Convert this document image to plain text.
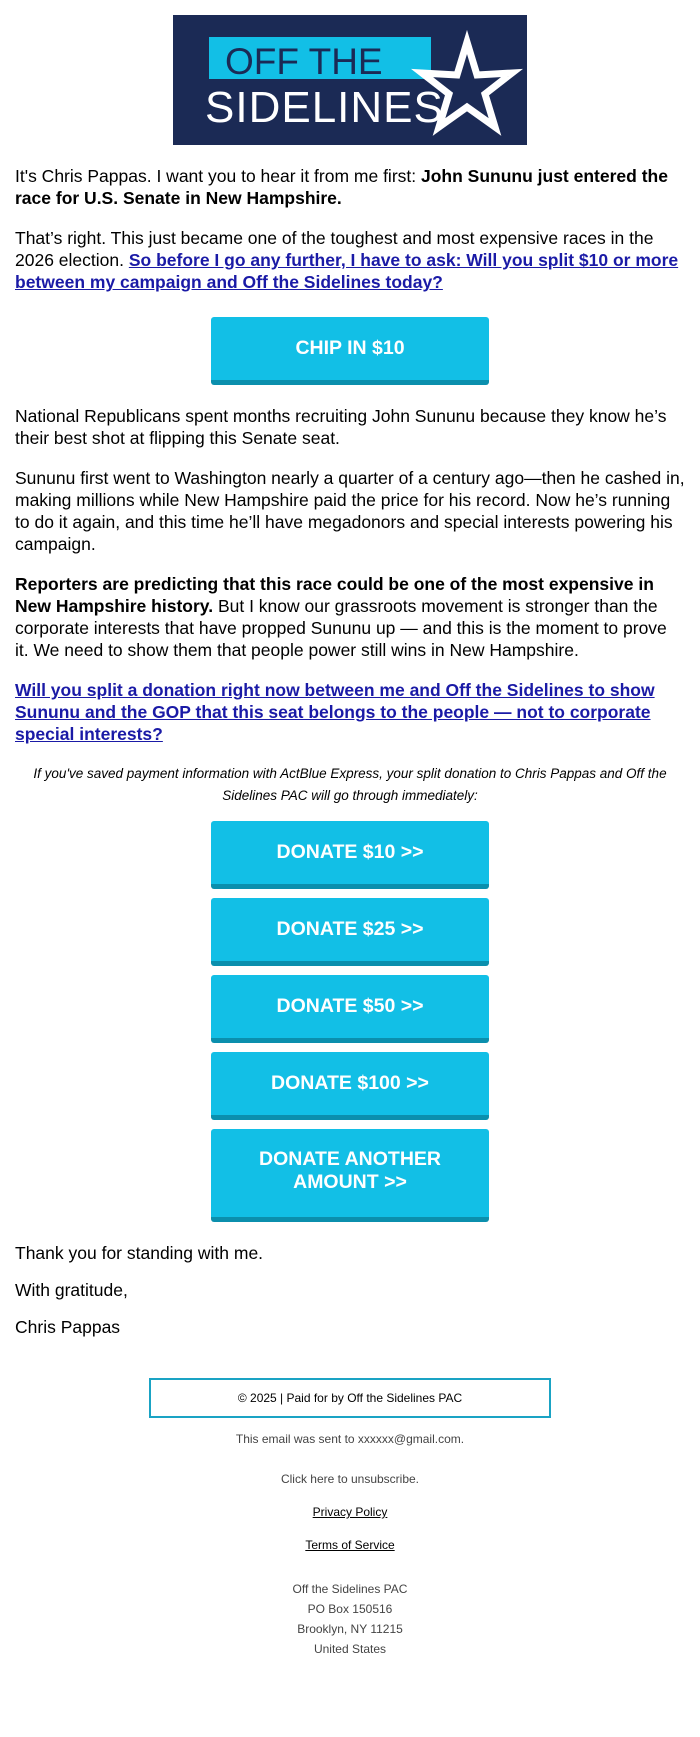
OFF THE
SIDELINES

It's Chris Pappas. I want you to hear it from me first: John Sununu just entered the race for U.S. Senate in New Hampshire.

That’s right. This just became one of the toughest and most expensive races in the 2026 election. So before I go any further, I have to ask: Will you split $10 or more between my campaign and Off the Sidelines today?

CHIP IN $10

National Republicans spent months recruiting John Sununu because they know he’s their best shot at flipping this Senate seat.

Sununu first went to Washington nearly a quarter of a century ago—then he cashed in, making millions while New Hampshire paid the price for his record. Now he’s running to do it again, and this time he’ll have megadonors and special interests powering his campaign.

Reporters are predicting that this race could be one of the most expensive in New Hampshire history. But I know our grassroots movement is stronger than the corporate interests that have propped Sununu up — and this is the moment to prove it. We need to show them that people power still wins in New Hampshire.

Will you split a donation right now between me and Off the Sidelines to show Sununu and the GOP that this seat belongs to the people — not to corporate special interests?

If you've saved payment information with ActBlue Express, your split donation to Chris Pappas and Off the Sidelines PAC will go through immediately:

DONATE $10 >>
DONATE $25 >>
DONATE $50 >>
DONATE $100 >>
DONATE ANOTHER
AMOUNT >>

Thank you for standing with me.

With gratitude,

Chris Pappas

© 2025 | Paid for by Off the Sidelines PAC

This email was sent to xxxxxx@gmail.com.

Click here to unsubscribe.

Privacy Policy

Terms of Service

Off the Sidelines PAC

PO Box 150516

Brooklyn, NY 11215

United States
